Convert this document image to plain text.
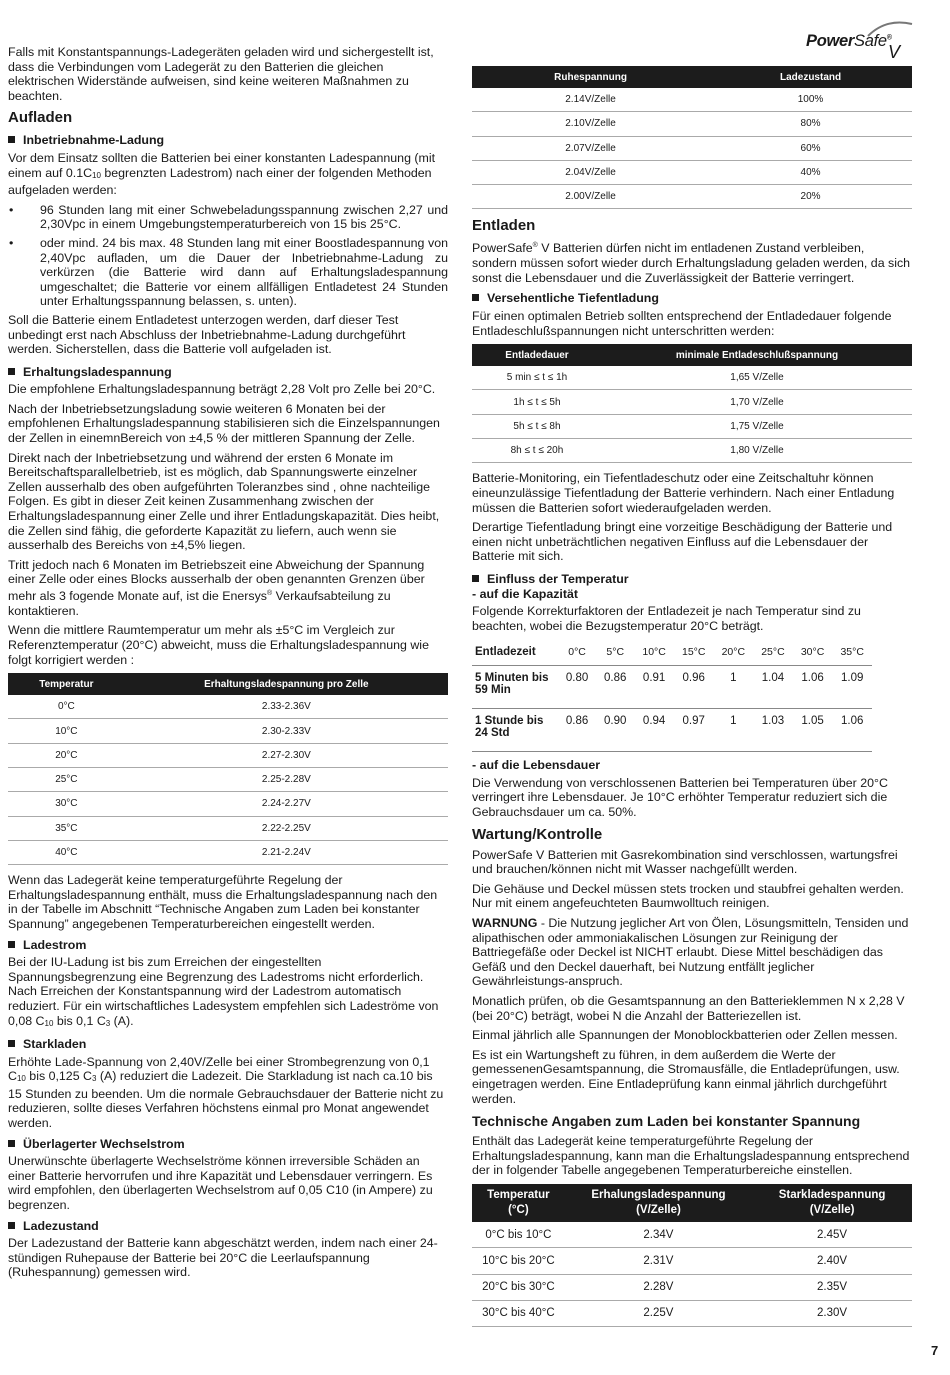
PowerSafe®
V

Falls mit Konstantspannungs-Ladegeräten geladen wird und sichergestellt ist, dass die Verbindungen vom Ladegerät zu den Batterien die gleichen elektrischen Widerstände aufweisen, sind keine weiteren Maßnahmen zu beachten.

Aufladen
Inbetriebnahme-Ladung

Vor dem Einsatz sollten die Batterien bei einer konstanten Ladespannung (mit einem auf $0.1C_{10}$ begrenzten Ladestrom) nach einer der folgenden Methoden aufgeladen werden:

• 96 Stunden lang mit einer Schwebeladungsspannung zwischen 2,27 und 2,30Vpc in einem Umgebungstemperaturbereich von 15 bis 25°C.
• oder mind. 24 bis max. 48 Stunden lang mit einer Boostladespannung von 2,40Vpc aufladen, um die Dauer der Inbetriebnahme-Ladung zu verkürzen (die Batterie wird dann auf Erhaltungsladespannung umgeschaltet; die Batterie vor einem allfälligen Entladetest 24 Stunden unter Erhaltungsspannung belassen, s. unten).

Soll die Batterie einem Entladetest unterzogen werden, darf dieser Test unbedingt erst nach Abschluss der Inbetriebnahme-Ladung durchgeführt werden. Sicherstellen, dass die Batterie voll aufgeladen ist.

Erhaltungsladespannung

Die empfohlene Erhaltungsladespannung beträgt 2,28 Volt pro Zelle bei 20°C.

Nach der Inbetriebsetzungsladung sowie weiteren 6 Monaten bei der empfohlenen Erhaltungsladespannung stabilisieren sich die Einzelspannungen der Zellen in einemnBereich von ±4,5 % der mittleren Spannung der Zelle.

Direkt nach der Inbetriebsetzung und während der ersten 6 Monate im Bereitschaftsparallelbetrieb, ist es möglich, dab Spannungswerte einzelner Zellen ausserhalb des oben aufgeführten Toleranzbes sind , ohne nachteilige Folgen. Es gibt in dieser Zeit keinen Zusammenhang zwischen der Erhaltungsladespannung einer Zelle und ihrer Entladungskapazität. Dies heibt, die Zellen sind fähig, die geforderte Kapazität zu liefern, auch wenn sie ausserhalb des Bereichs von ±4,5% liegen.

Tritt jedoch nach 6 Monaten im Betriebszeit eine Abweichung der Spannung einer Zelle oder eines Blocks ausserhalb der oben genannten Grenzen über mehr als 3 fogende Monate auf, ist die Enersys® Verkaufsabteilung zu kontaktieren.

Wenn die mittlere Raumtemperatur um mehr als ±5°C im Vergleich zur Referenztemperatur (20°C) abweicht, muss die Erhaltungsladespannung wie folgt korrigiert werden :

Temperatur	Erhaltungsladespannung pro Zelle
0°C	2.33-2.36V
10°C	2.30-2.33V
20°C	2.27-2.30V
25°C	2.25-2.28V
30°C	2.24-2.27V
35°C	2.22-2.25V
40°C	2.21-2.24V

Wenn das Ladegerät keine temperaturgeführte Regelung der Erhaltungsladespannung enthält, muss die Erhaltungsladespannung nach den in der Tabelle im Abschnitt “Technische Angaben zum Laden bei konstanter Spannung” angegebenen Temperaturbereichen eingestellt werden.

Ladestrom

Bei der IU-Ladung ist bis zum Erreichen der eingestellten Spannungsbegrenzung eine Begrenzung des Ladestroms nicht erforderlich. Nach Erreichen der Konstantspannung wird der Ladestrom automatisch reduziert. Für ein wirtschaftliches Ladesystem empfehlen sich Ladeströme von 0,08 $C_{10}$ bis 0,1 $C_3$ (A).

Starkladen

Erhöhte Lade-Spannung von 2,40V/Zelle bei einer Strombegrenzung von 0,1 $C_{10}$ bis 0,125 $C_3$ (A) reduziert die Ladezeit. Die Starkladung ist nach ca.10 bis 15 Stunden zu beenden. Um die normale Gebrauchsdauer der Batterie nicht zu reduzieren, sollte dieses Verfahren höchstens einmal pro Monat angewendet werden.

Überlagerter Wechselstrom

Unerwünschte überlagerte Wechselströme können irreversible Schäden an einer Batterie hervorrufen und ihre Kapazität und Lebensdauer verringern. Es wird empfohlen, den überlagerten Wechselstrom auf 0,05 C10 (in Ampere) zu begrenzen.

Ladezustand

Der Ladezustand der Batterie kann abgeschätzt werden, indem nach einer 24-stündigen Ruhepause der Batterie bei 20°C die Leerlaufspannung (Ruhespannung) gemessen wird.

Ruhespannung	Ladezustand
2.14V/Zelle	100%
2.10V/Zelle	80%
2.07V/Zelle	60%
2.04V/Zelle	40%
2.00V/Zelle	20%
Entladen

PowerSafe® V Batterien dürfen nicht im entladenen Zustand verbleiben, sondern müssen sofort wieder durch Erhaltungsladung geladen werden, da sich sonst die Lebensdauer und die Zuverlässigkeit der Batterie verringert.

Versehentliche Tiefentladung

Für einen optimalen Betrieb sollten entsprechend der Entladedauer folgende Entladeschlußspannungen nicht unterschritten werden:

Entladedauer	minimale Entladeschlußspannung
5 min ≤ t ≤ 1h	1,65 V/Zelle
1h ≤ t ≤ 5h	1,70 V/Zelle
5h ≤ t ≤ 8h	1,75 V/Zelle
8h ≤ t ≤ 20h	1,80 V/Zelle

Batterie-Monitoring, ein Tiefentladeschutz oder eine Zeitschaltuhr können eineunzulässige Tiefentladung der Batterie verhindern. Nach einer Entladung müssen die Batterien sofort wiederaufgeladen werden.

Derartige Tiefentladung bringt eine vorzeitige Beschädigung der Batterie und einen nicht unbeträchtlichen negativen Einfluss auf die Lebensdauer der Batterie mit sich.

Einfluss der Temperatur
- auf die Kapazität

Folgende Korrekturfaktoren der Entladezeit je nach Temperatur sind zu beachten, wobei die Bezugstemperatur 20°C beträgt.

Entladezeit	0°C	5°C	10°C	15°C	20°C	25°C	30°C	35°C
5 Minuten bis 59 Min	0.80	0.86	0.91	0.96	1	1.04	1.06	1.09
1 Stunde bis 24 Std	0.86	0.90	0.94	0.97	1	1.03	1.05	1.06
- auf die Lebensdauer

Die Verwendung von verschlossenen Batterien bei Temperaturen über 20°C verringert ihre Lebensdauer. Je 10°C erhöhter Temperatur reduziert sich die Gebrauchsdauer um ca. 50%.

Wartung/Kontrolle

PowerSafe V Batterien mit Gasrekombination sind verschlossen, wartungsfrei und brauchen/können nicht mit Wasser nachgefüllt werden.

Die Gehäuse und Deckel müssen stets trocken und staubfrei gehalten werden. Nur mit einem angefeuchteten Baumwolltuch reinigen.

WARNUNG - Die Nutzung jeglicher Art von Ölen, Lösungsmitteln, Tensiden und alipathischen oder ammoniakalischen Lösungen zur Reinigung der Battriegefäße oder Deckel ist NICHT erlaubt. Diese Mittel beschädigen das Gefäß und den Deckel dauerhaft, bei Nutzung entfällt jeglicher Gewährleistungs-anspruch.

Monatlich prüfen, ob die Gesamtspannung an den Batterieklemmen N x 2,28 V (bei 20°C) beträgt, wobei N die Anzahl der Batteriezellen ist.

Einmal jährlich alle Spannungen der Monoblockbatterien oder Zellen messen.

Es ist ein Wartungsheft zu führen, in dem außerdem die Werte der gemessenenGesamtspannung, die Stromausfälle, die Entladeprüfungen, usw. eingetragen werden. Eine Entladeprüfung kann einmal jährlich durchgeführt werden.

Technische Angaben zum Laden bei konstanter Spannung

Enthält das Ladegerät keine temperaturgeführte Regelung der Erhaltungsladespannung, kann man die Erhaltungsladespannung entsprechend der in folgender Tabelle angegebenen Temperaturbereiche einstellen.

Temperatur (°C)	Erhalungsladespannung (V/Zelle)	Starkladespannung (V/Zelle)
0°C bis 10°C	2.34V	2.45V
10°C bis 20°C	2.31V	2.40V
20°C bis 30°C	2.28V	2.35V
30°C bis 40°C	2.25V	2.30V
7
